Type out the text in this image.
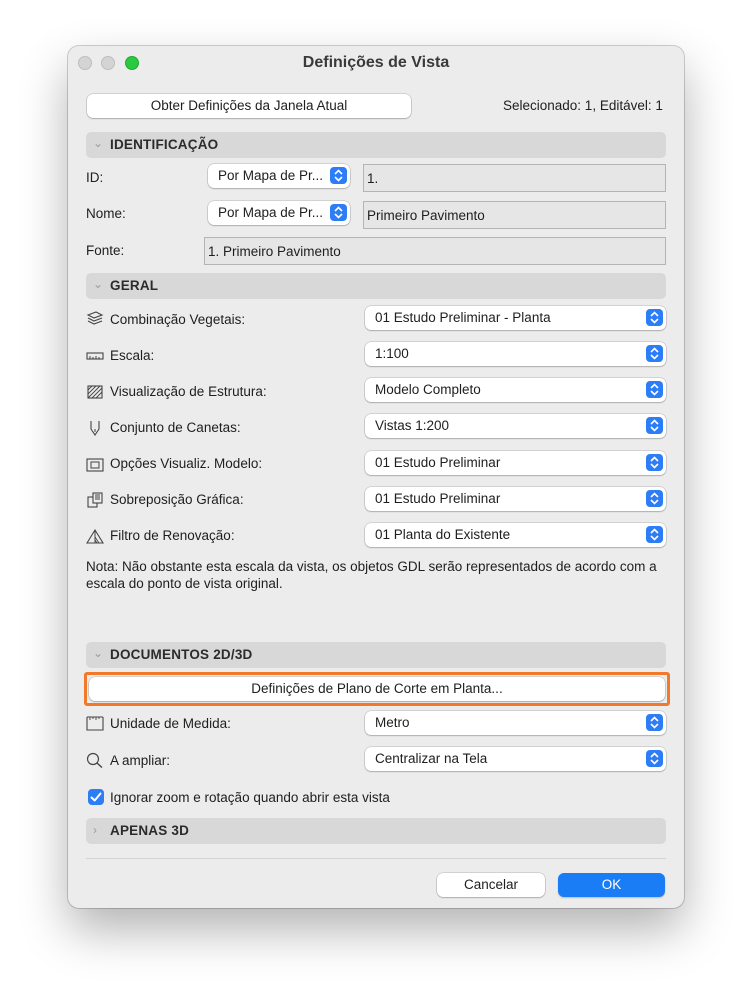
Definições de Vista
Obter Definições da Janela Atual	Selecionado: 1, Editável: 1
⌄ IDENTIFICAÇÃO
ID:	Por Mapa de Pr...	1.
Nome:	Por Mapa de Pr...	Primeiro Pavimento
Fonte:	1. Primeiro Pavimento
⌄ GERAL
Combinação Vegetais:	01 Estudo Preliminar - Planta
Escala:	1:100
Visualização de Estrutura:	Modelo Completo
Conjunto de Canetas:	Vistas 1:200
Opções Visualiz. Modelo:	01 Estudo Preliminar
Sobreposição Gráfica:	01 Estudo Preliminar
Filtro de Renovação:	01 Planta do Existente
Nota: Não obstante esta escala da vista, os objetos GDL serão representados de acordo com a escala do ponto de vista original.
⌄ DOCUMENTOS 2D/3D
Definições de Plano de Corte em Planta...
Unidade de Medida:	Metro
A ampliar:	Centralizar na Tela
Ignorar zoom e rotação quando abrir esta vista
› APENAS 3D
Cancelar	OK
